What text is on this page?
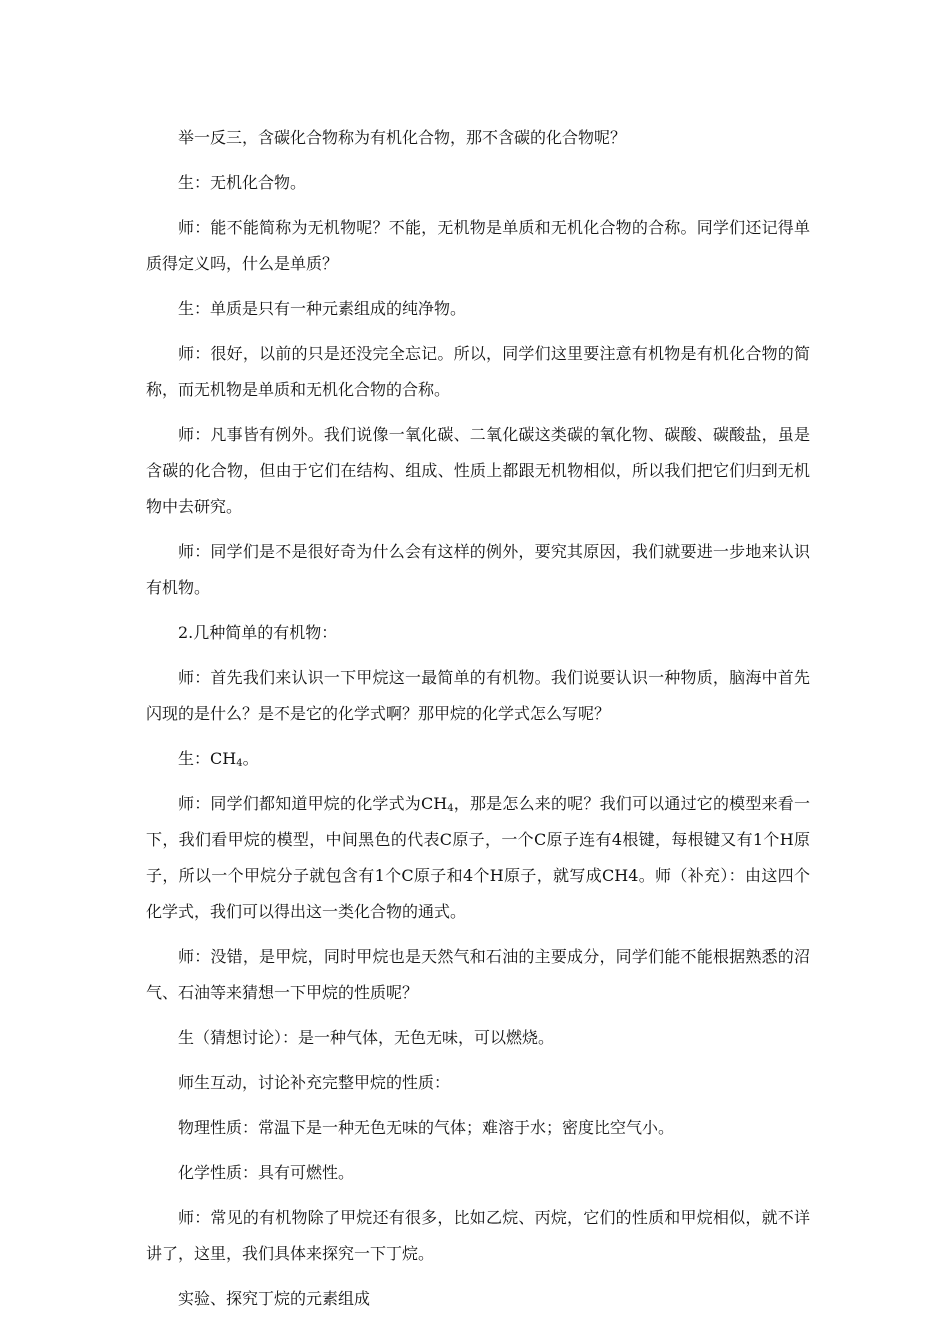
举一反三，含碳化合物称为有机化合物，那不含碳的化合物呢？

生：无机化合物。

师：能不能简称为无机物呢？不能，无机物是单质和无机化合物的合称。同学们还记得单质得定义吗，什么是单质？

生：单质是只有一种元素组成的纯净物。

师：很好，以前的只是还没完全忘记。所以，同学们这里要注意有机物是有机化合物的简称，而无机物是单质和无机化合物的合称。

师：凡事皆有例外。我们说像一氧化碳、二氧化碳这类碳的氧化物、碳酸、碳酸盐，虽是含碳的化合物，但由于它们在结构、组成、性质上都跟无机物相似，所以我们把它们归到无机物中去研究。

师：同学们是不是很好奇为什么会有这样的例外，要究其原因，我们就要进一步地来认识有机物。

2.几种简单的有机物：

师：首先我们来认识一下甲烷这一最简单的有机物。我们说要认识一种物质，脑海中首先闪现的是什么？是不是它的化学式啊？那甲烷的化学式怎么写呢？

生：$CH_4$。

师：同学们都知道甲烷的化学式为$CH_4$，那是怎么来的呢？我们可以通过它的模型来看一下，我们看甲烷的模型，中间黑色的代表C原子，一个C原子连有4根键，每根键又有1个H原子，所以一个甲烷分子就包含有1个C原子和4个H原子，就写成CH4。师（补充）：由这四个化学式，我们可以得出这一类化合物的通式。

师：没错，是甲烷，同时甲烷也是天然气和石油的主要成分，同学们能不能根据熟悉的沼气、石油等来猜想一下甲烷的性质呢？

生（猜想讨论）：是一种气体，无色无味，可以燃烧。

师生互动，讨论补充完整甲烷的性质：

物理性质：常温下是一种无色无味的气体；难溶于水；密度比空气小。

化学性质：具有可燃性。

师：常见的有机物除了甲烷还有很多，比如乙烷、丙烷，它们的性质和甲烷相似，就不详讲了，这里，我们具体来探究一下丁烷。

实验、探究丁烷的元素组成
